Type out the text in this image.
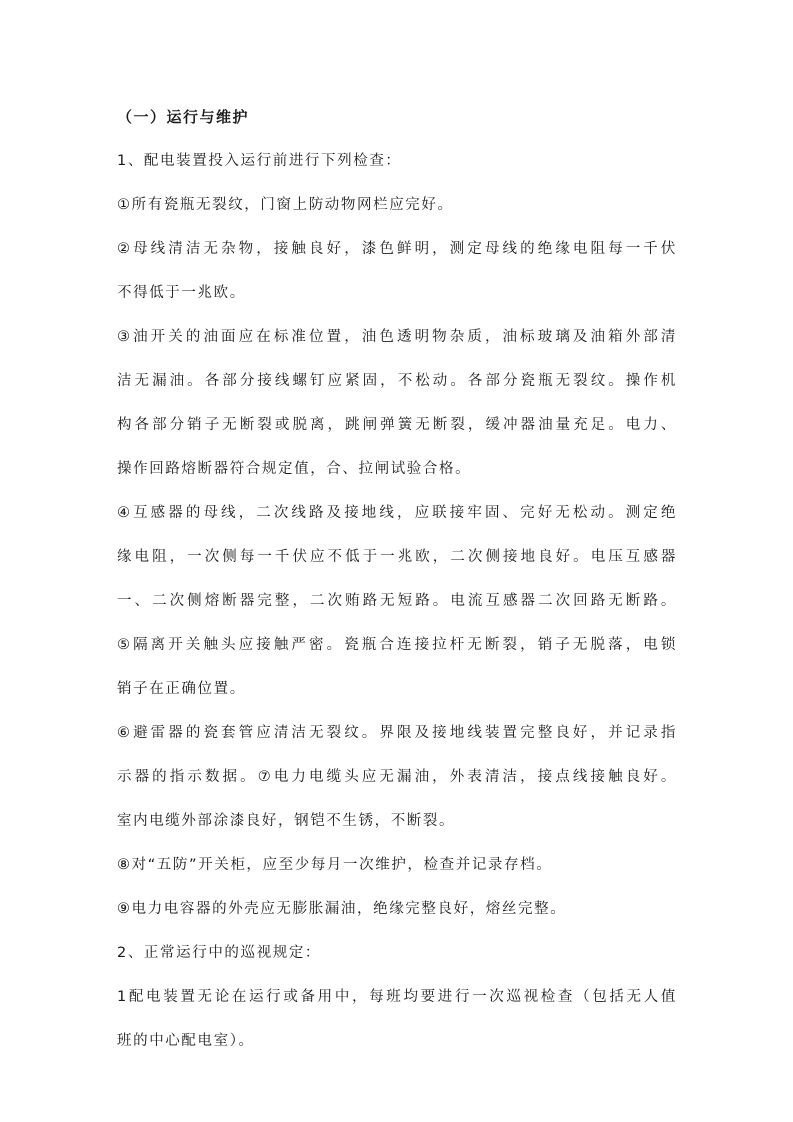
（一）运行与维护
1、配电装置投入运行前进行下列检查：
①所有瓷瓶无裂纹，门窗上防动物网栏应完好。
②母线清洁无杂物，接触良好，漆色鲜明，测定母线的绝缘电阻每一千伏
不得低于一兆欧。
③油开关的油面应在标准位置，油色透明物杂质，油标玻璃及油箱外部清
洁无漏油。各部分接线螺钉应紧固，不松动。各部分瓷瓶无裂纹。操作机
构各部分销子无断裂或脱离，跳闸弹簧无断裂，缓冲器油量充足。电力、
操作回路熔断器符合规定值，合、拉闸试验合格。
④互感器的母线，二次线路及接地线，应联接牢固、完好无松动。测定绝
缘电阻，一次侧每一千伏应不低于一兆欧，二次侧接地良好。电压互感器
一、二次侧熔断器完整，二次贿路无短路。电流互感器二次回路无断路。
⑤隔离开关触头应接触严密。瓷瓶合连接拉杆无断裂，销子无脱落，电锁
销子在正确位置。
⑥避雷器的瓷套管应清洁无裂纹。界限及接地线装置完整良好，并记录指
示器的指示数据。⑦电力电缆头应无漏油，外表清洁，接点线接触良好。
室内电缆外部涂漆良好，钢铠不生锈，不断裂。
⑧对“五防”开关柜，应至少每月一次维护，检查并记录存档。
⑨电力电容器的外壳应无膨胀漏油，绝缘完整良好，熔丝完整。
2、正常运行中的巡视规定：
1配电装置无论在运行或备用中，每班均要进行一次巡视检查（包括无人值
班的中心配电室）。
